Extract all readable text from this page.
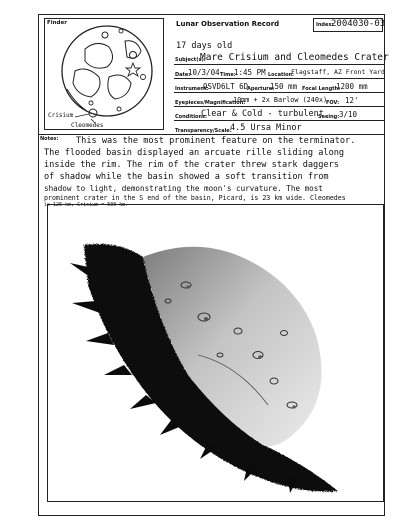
Finder
Crisium
Cleomedes
Lunar Observation Record	Index:
2004030-03
17 days old
Subject(s):
Mare Crisium and Cleomedes Crater
Date:
10/3/04 Time:
1:45 PM Location:
Flagstaff, AZ Front Yard
Instrument:
OSVD6LT 6D
Aperture:
150 mm Focal Length:
1200 mm
Eyepieces/Magnification:
10mm + 2x Barlow (240x)
FOV: 12'
Conditions:
Clear & Cold - turbulent
Seeing: 3/10
Transparency/Scale:
4.5 Ursa Minor
Notes: This was the most prominent feature on the terminator.
The flooded basin displayed an arcuate rille sliding along
inside the rim. The rim of the crater threw stark daggers
of shadow while the basin showed a soft transition from
shadow to light, demonstrating the moon's curvature. The most
prominent crater in the S end of the basin, Picard, is 23 km wide. Cleomedes
is 126 km, Crisium = 500 km.
